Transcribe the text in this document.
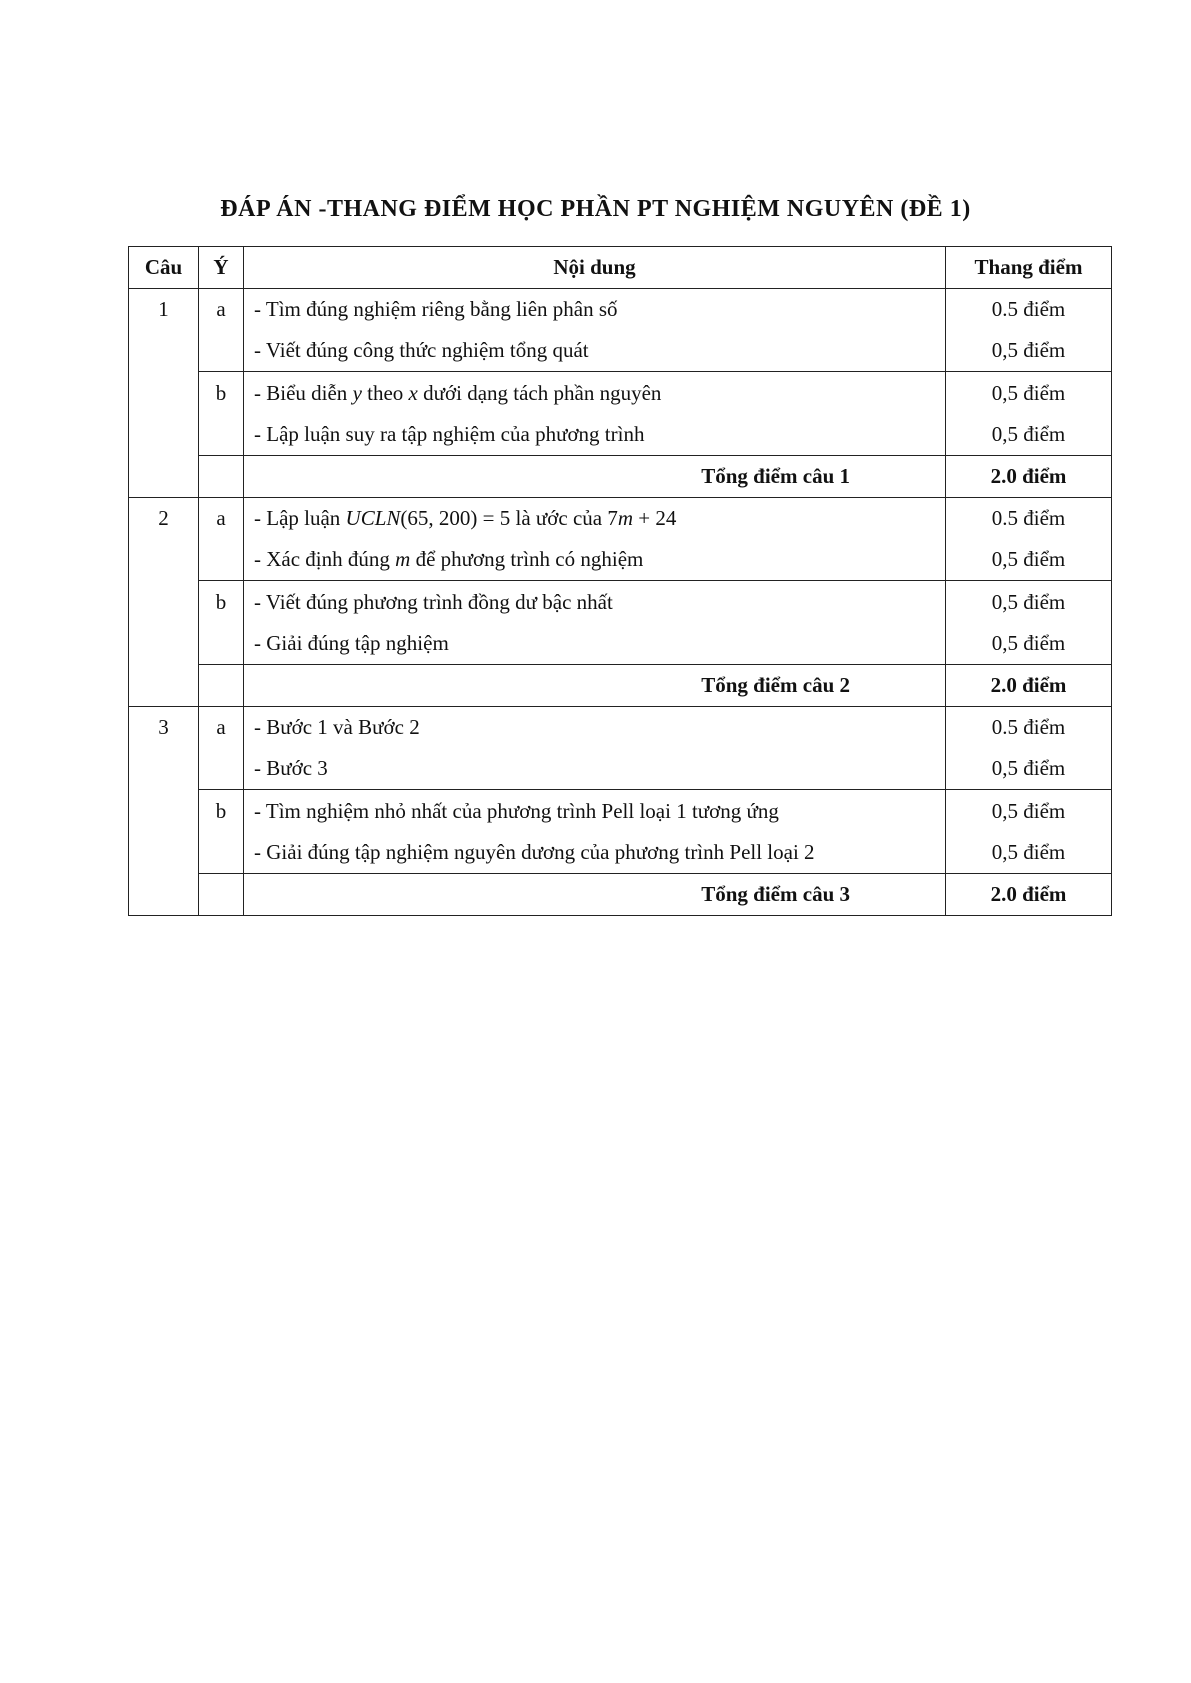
ĐÁP ÁN -THANG ĐIỂM HỌC PHẦN PT NGHIỆM NGUYÊN (ĐỀ 1)
Câu	Ý	Nội dung	Thang điểm
1	a	- Tìm đúng nghiệm riêng bằng liên phân số	0.5 điểm
		- Viết đúng công thức nghiệm tổng quát	0,5 điểm
	b	- Biểu diễn y theo x dưới dạng tách phần nguyên	0,5 điểm
		- Lập luận suy ra tập nghiệm của phương trình	0,5 điểm
		Tổng điểm câu 1	2.0 điểm
2	a	- Lập luận UCLN(65, 200) = 5 là ước của 7m + 24	0.5 điểm
		- Xác định đúng m để phương trình có nghiệm	0,5 điểm
	b	- Viết đúng phương trình đồng dư bậc nhất	0,5 điểm
		- Giải đúng tập nghiệm	0,5 điểm
		Tổng điểm câu 2	2.0 điểm
3	a	- Bước 1 và Bước 2	0.5 điểm
		- Bước 3	0,5 điểm
	b	- Tìm nghiệm nhỏ nhất của phương trình Pell loại 1 tương ứng	0,5 điểm
		- Giải đúng tập nghiệm nguyên dương của phương trình Pell loại 2	0,5 điểm
		Tổng điểm câu 3	2.0 điểm
